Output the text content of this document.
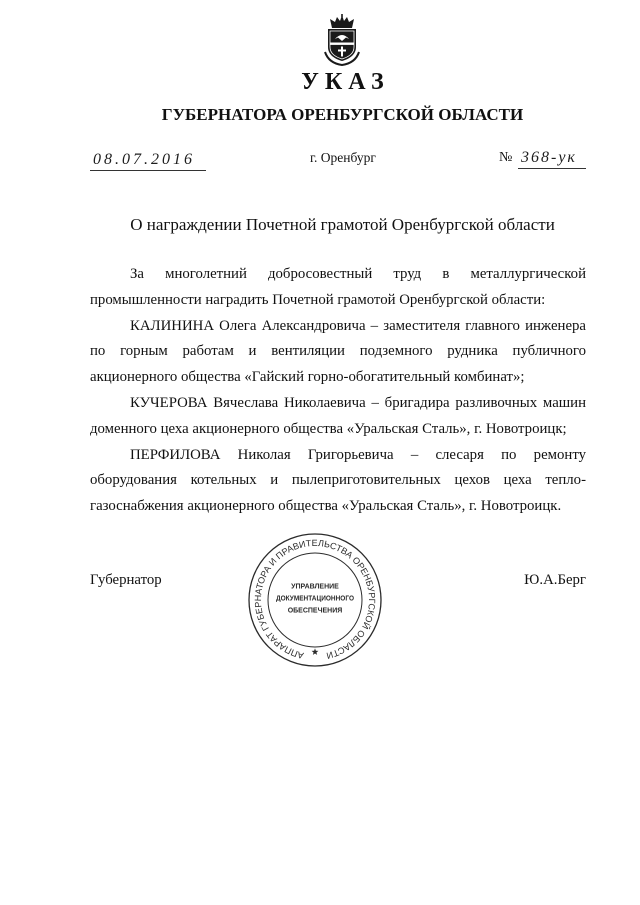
УКАЗ
ГУБЕРНАТОРА ОРЕНБУРГСКОЙ ОБЛАСТИ
08.07.2016	г. Оренбург	№ 368-ук
О награждении Почетной грамотой Оренбургской области
За многолетний добросовестный труд в металлургической
промышленности наградить Почетной грамотой Оренбургской области:
КАЛИНИНА Олега Александровича – заместителя главного инженера
по горным работам и вентиляции подземного рудника публичного
акционерного общества «Гайский горно-обогатительный комбинат»;
КУЧЕРОВА Вячеслава Николаевича – бригадира разливочных машин
доменного цеха акционерного общества «Уральская Сталь», г. Новотроицк;
ПЕРФИЛОВА Николая Григорьевича – слесаря по ремонту
оборудования котельных и пылеприготовительных цехов цеха тепло-
газоснабжения акционерного общества «Уральская Сталь», г. Новотроицк.
Губернатор	Ю.А.Берг
АППАРАТ ГУБЕРНАТОРА И ПРАВИТЕЛЬСТВА ОРЕНБУРГСКОЙ ОБЛАСТИ
УПРАВЛЕНИЕ
ДОКУМЕНТАЦИОННОГО
ОБЕСПЕЧЕНИЯ
